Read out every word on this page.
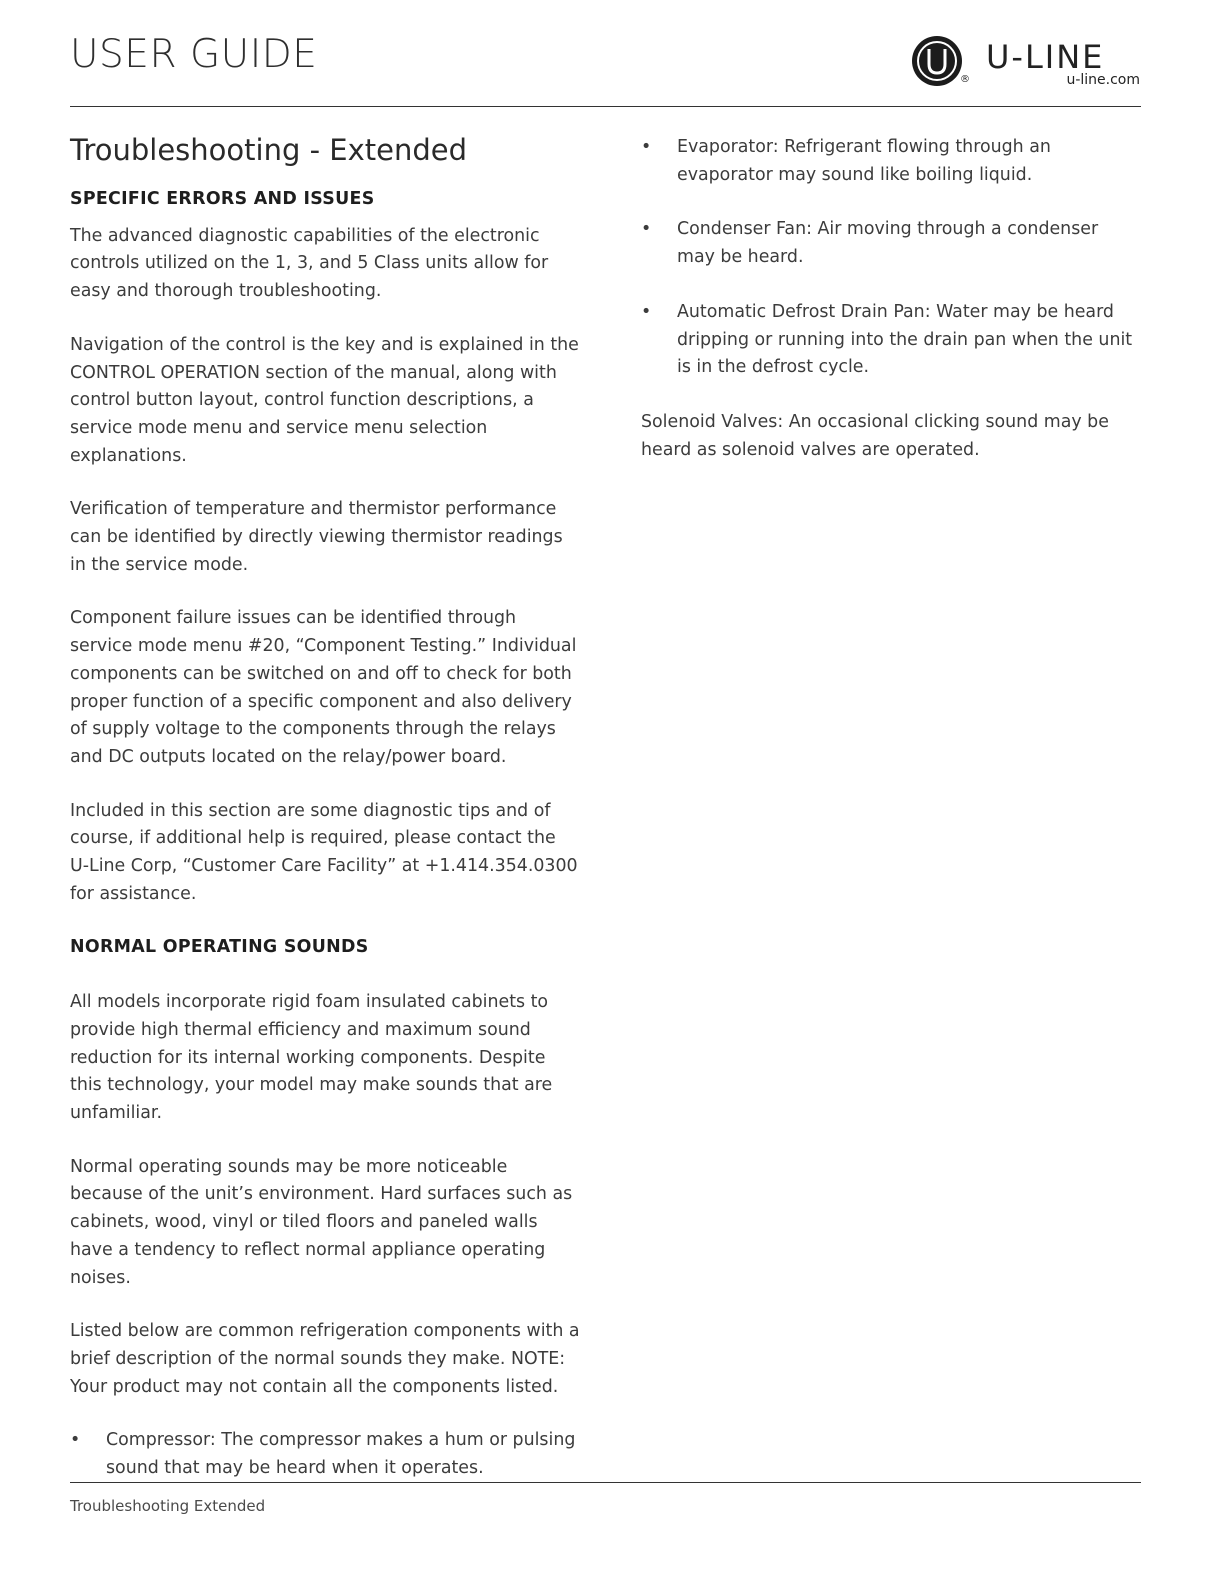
USER GUIDE
®
U-LINE
u-line.com
Troubleshooting - Extended
SPECIFIC ERRORS AND ISSUES

The advanced diagnostic capabilities of the electronic controls utilized on the 1, 3, and 5 Class units allow for easy and thorough troubleshooting.

Navigation of the control is the key and is explained in the CONTROL OPERATION section of the manual, along with control button layout, control function descriptions, a service mode menu and service menu selection explanations.

Verification of temperature and thermistor performance can be identified by directly viewing thermistor readings in the service mode.

Component failure issues can be identified through service mode menu #20, “Component Testing.” Individual components can be switched on and off to check for both proper function of a specific component and also delivery of supply voltage to the components through the relays and DC outputs located on the relay/power board.

Included in this section are some diagnostic tips and of course, if additional help is required, please contact the U-Line Corp, “Customer Care Facility” at +1.414.354.0300 for assistance.

NORMAL OPERATING SOUNDS

All models incorporate rigid foam insulated cabinets to provide high thermal efficiency and maximum sound reduction for its internal working components. Despite this technology, your model may make sounds that are unfamiliar.

Normal operating sounds may be more noticeable because of the unit’s environment. Hard surfaces such as cabinets, wood, vinyl or tiled floors and paneled walls have a tendency to reflect normal appliance operating noises.

Listed below are common refrigeration components with a brief description of the normal sounds they make. NOTE: Your product may not contain all the components listed.

• Compressor: The compressor makes a hum or pulsing sound that may be heard when it operates.
• Evaporator: Refrigerant flowing through an evaporator may sound like boiling liquid.
• Condenser Fan: Air moving through a condenser may be heard.
• Automatic Defrost Drain Pan: Water may be heard dripping or running into the drain pan when the unit is in the defrost cycle.

Solenoid Valves: An occasional clicking sound may be heard as solenoid valves are operated.

Troubleshooting Extended
